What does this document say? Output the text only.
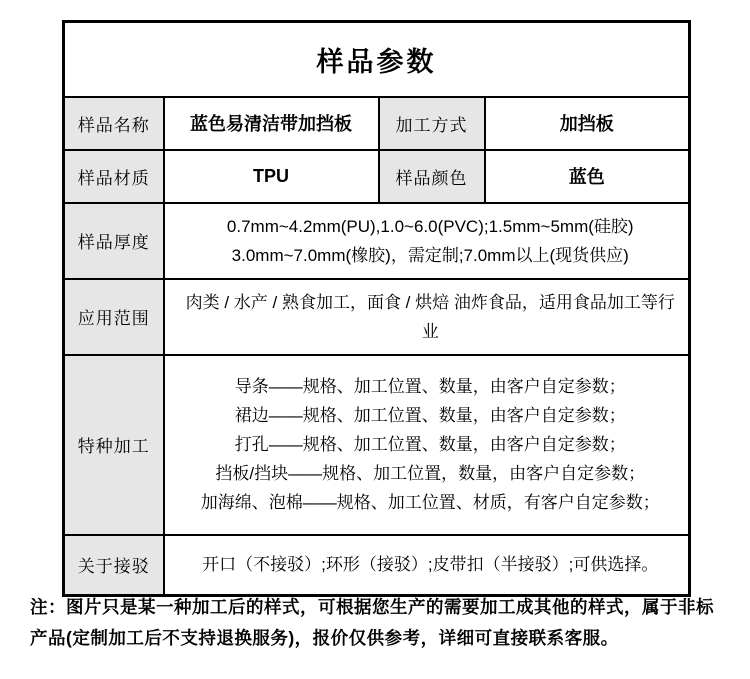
样品参数			
样品名称	蓝色易清洁带加挡板	加工方式	加挡板
样品材质	TPU	样品颜色	蓝色
样品厚度	0.7mm~4.2mm(PU),1.0~6.0(PVC);1.5mm~5mm(硅胶)
3.0mm~7.0mm(橡胶)，需定制;7.0mm以上(现货供应)		

应用范围	肉类 / 水产 / 熟食加工，面食 / 烘焙 油炸食品，适用食品加工等行业		
特种加工	导条——规格、加工位置、数量，由客户自定参数；
裙边——规格、加工位置、数量，由客户自定参数；
打孔——规格、加工位置、数量，由客户自定参数；
挡板/挡块——规格、加工位置，数量，由客户自定参数；
加海绵、泡棉——规格、加工位置、材质，有客户自定参数；		

关于接驳	开口（不接驳）;环形（接驳）;皮带扣（半接驳）;可供选择。		

注：图片只是某一种加工后的样式，可根据您生产的需要加工成其他的样式，属于非标产品(定制加工后不支持退换服务)，报价仅供参考，详细可直接联系客服。
